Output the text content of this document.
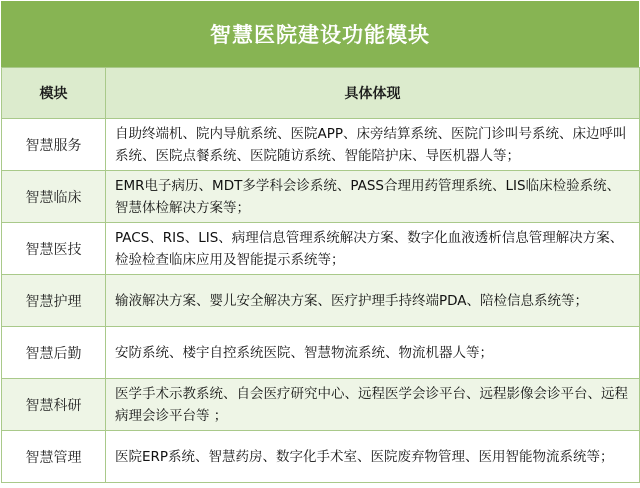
智慧医院建设功能模块
模块	具体体现
智慧服务	自助终端机、院内导航系统、医院APP、床旁结算系统、医院门诊叫号系统、床边呼叫系统、医院点餐系统、医院随访系统、智能陪护床、导医机器人等；
智慧临床	EMR电子病历、MDT多学科会诊系统、PASS合理用药管理系统、LIS临床检验系统、智慧体检解决方案等；
智慧医技	PACS、RIS、LIS、病理信息管理系统解决方案、数字化血液透析信息管理解决方案、检验检查临床应用及智能提示系统等；
智慧护理	输液解决方案、婴儿安全解决方案、医疗护理手持终端PDA、陪检信息系统等；
智慧后勤	安防系统、楼宇自控系统医院、智慧物流系统、物流机器人等；
智慧科研	医学手术示教系统、自会医疗研究中心、远程医学会诊平台、远程影像会诊平台、远程病理会诊平台等 ；
智慧管理	医院ERP系统、智慧药房、数字化手术室、医院废弃物管理、医用智能物流系统等；
